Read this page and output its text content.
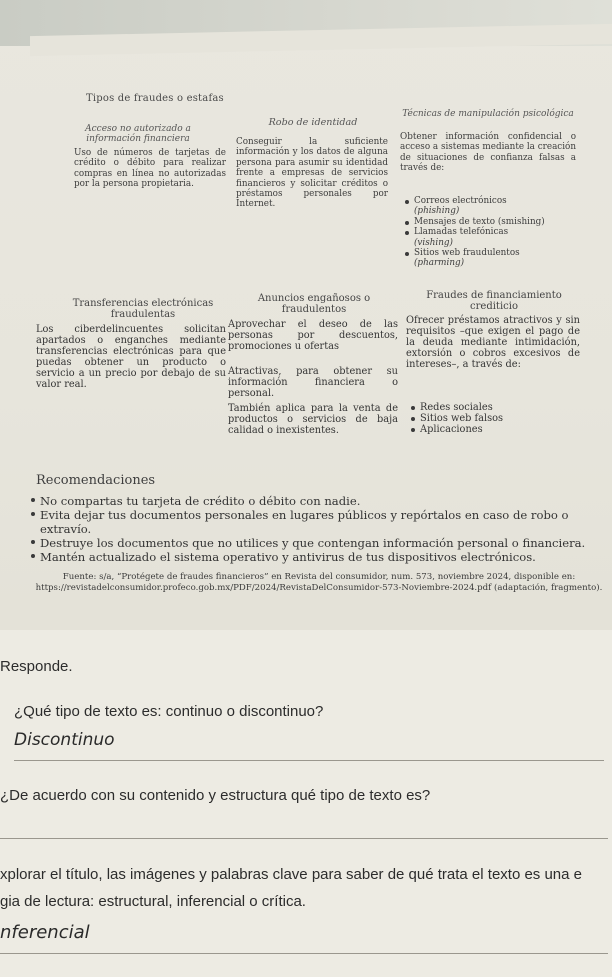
Tipos de fraudes o estafas
Acceso no autorizado a información financiera
Uso de números de tarjetas de crédito o débito para realizar compras en línea no autorizadas por la persona propietaria.
Robo de identidad
Conseguir la suficiente información y los datos de alguna persona para asumir su identidad frente a empresas de servicios financieros y solicitar créditos o préstamos personales por Internet.
Técnicas de manipulación psicológica
Obtener información confidencial o acceso a sistemas mediante la creación de situaciones de confianza falsas a través de:
Correos electrónicos
(phishing)
Mensajes de texto (smishing)
Llamadas telefónicas
(vishing)
Sitios web fraudulentos
(pharming)
Transferencias electrónicas fraudulentas
Los ciberdelincuentes solicitan apartados o enganches mediante transferencias electrónicas para que puedas obtener un producto o servicio a un precio por debajo de su valor real.
Anuncios engañosos o fraudulentos
Aprovechar el deseo de las personas por descuentos, promociones u ofertas
Atractivas, para obtener su información financiera o personal.
También aplica para la venta de productos o servicios de baja calidad o inexistentes.
Fraudes de financiamiento crediticio
Ofrecer préstamos atractivos y sin requisitos –que exigen el pago de la deuda mediante intimidación, extorsión o cobros excesivos de intereses–, a través de:
Redes sociales
Sitios web falsos
Aplicaciones
Recomendaciones
No compartas tu tarjeta de crédito o débito con nadie.
Evita dejar tus documentos personales en lugares públicos y repórtalos en caso de robo o extravío.
Destruye los documentos que no utilices y que contengan información personal o financiera.
Mantén actualizado el sistema operativo y antivirus de tus dispositivos electrónicos.
Fuente: s/a, “Protégete de fraudes financieros” en Revista del consumidor, num. 573, noviembre 2024, disponible en:
https://revistadelconsumidor.profeco.gob.mx/PDF/2024/RevistaDelConsumidor-573-Noviembre-2024.pdf (adaptación, fragmento).
Responde.
¿Qué tipo de texto es: continuo o discontinuo?
Discontinuo
¿De acuerdo con su contenido y estructura qué tipo de texto es?
xplorar el título, las imágenes y palabras clave para saber de qué trata el texto es una e
gia de lectura: estructural, inferencial o crítica.
nferencial
